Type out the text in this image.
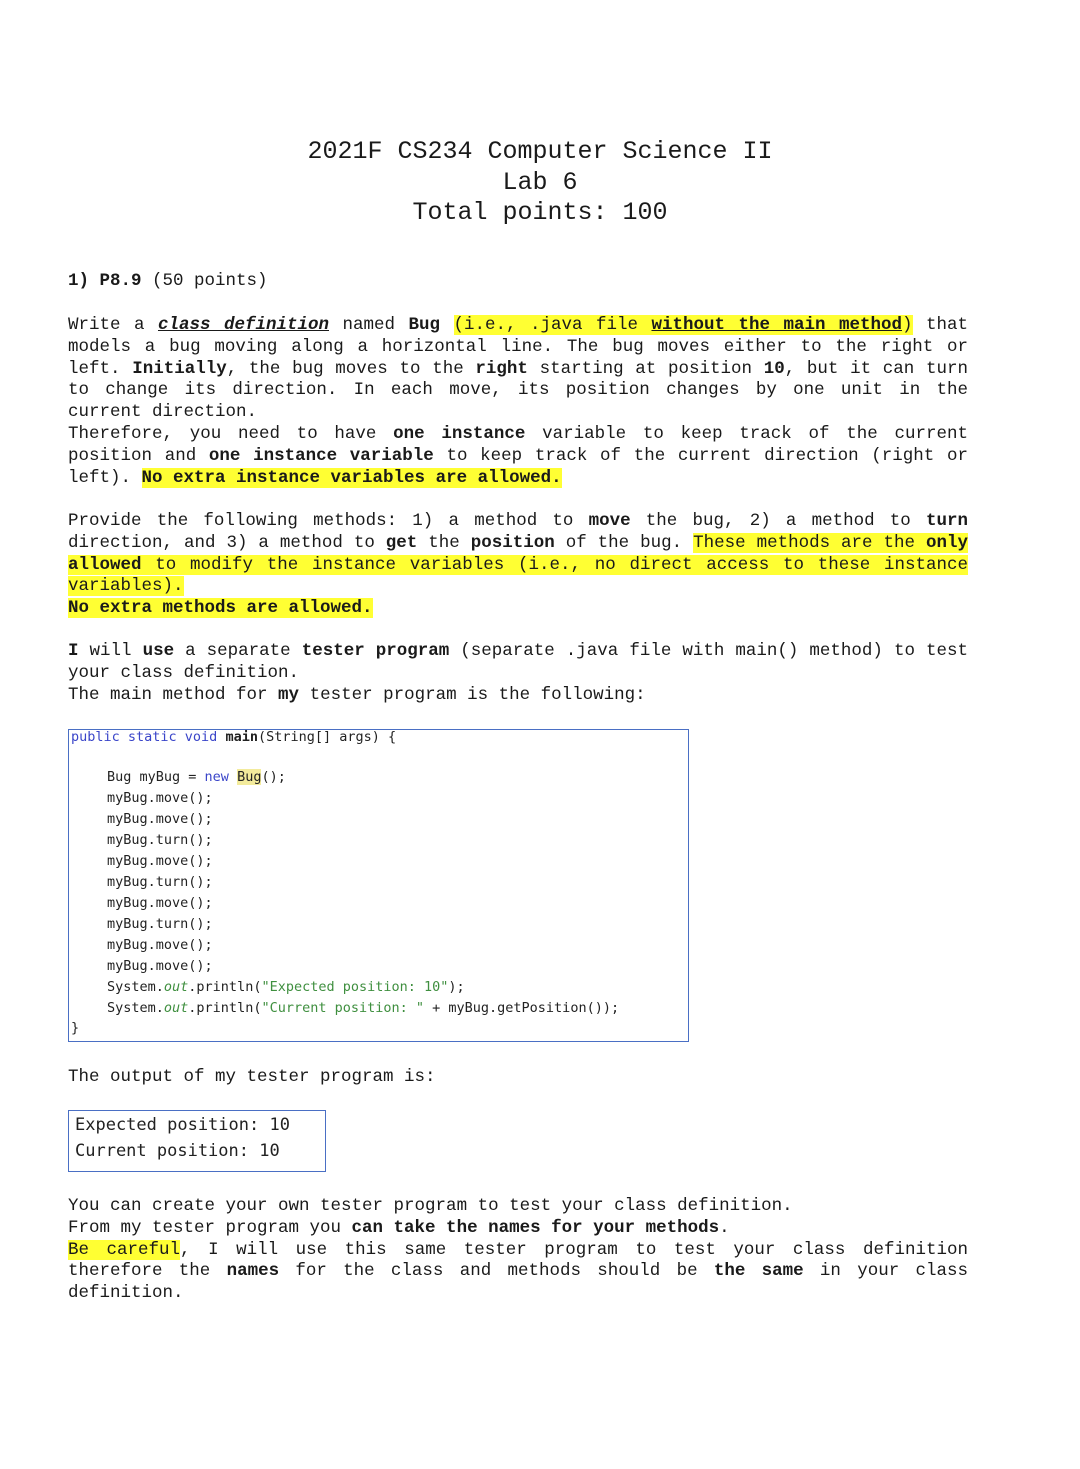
2021F CS234 Computer Science II
Lab 6
Total points: 100
1) P8.9 (50 points)
Write a class definition named Bug (i.e., .java file without the main method) that models a bug moving along a horizontal line. The bug moves either to the right or left. Initially, the bug moves to the right starting at position 10, but it can turn to change its direction. In each move, its position changes by one unit in the current direction.
Therefore, you need to have one instance variable to keep track of the current position and one instance variable to keep track of the current direction (right or left). No extra instance variables are allowed.
Provide the following methods: 1) a method to move the bug, 2) a method to turn direction, and 3) a method to get the position of the bug. These methods are the only allowed to modify the instance variables (i.e., no direct access to these instance variables).
No extra methods are allowed.
I will use a separate tester program (separate .java file with main() method) to test your class definition.
The main method for my tester program is the following:
public static void main(String[] args) {
Bug myBug = new Bug();
myBug.move();
myBug.move();
myBug.turn();
myBug.move();
myBug.turn();
myBug.move();
myBug.turn();
myBug.move();
myBug.move();
System.out.println("Expected position: 10");
System.out.println("Current position: " + myBug.getPosition());
}
The output of my tester program is:
Expected position: 10
Current position: 10
You can create your own tester program to test your class definition.
From my tester program you can take the names for your methods.
Be careful, I will use this same tester program to test your class definition therefore the names for the class and methods should be the same in your class definition.
